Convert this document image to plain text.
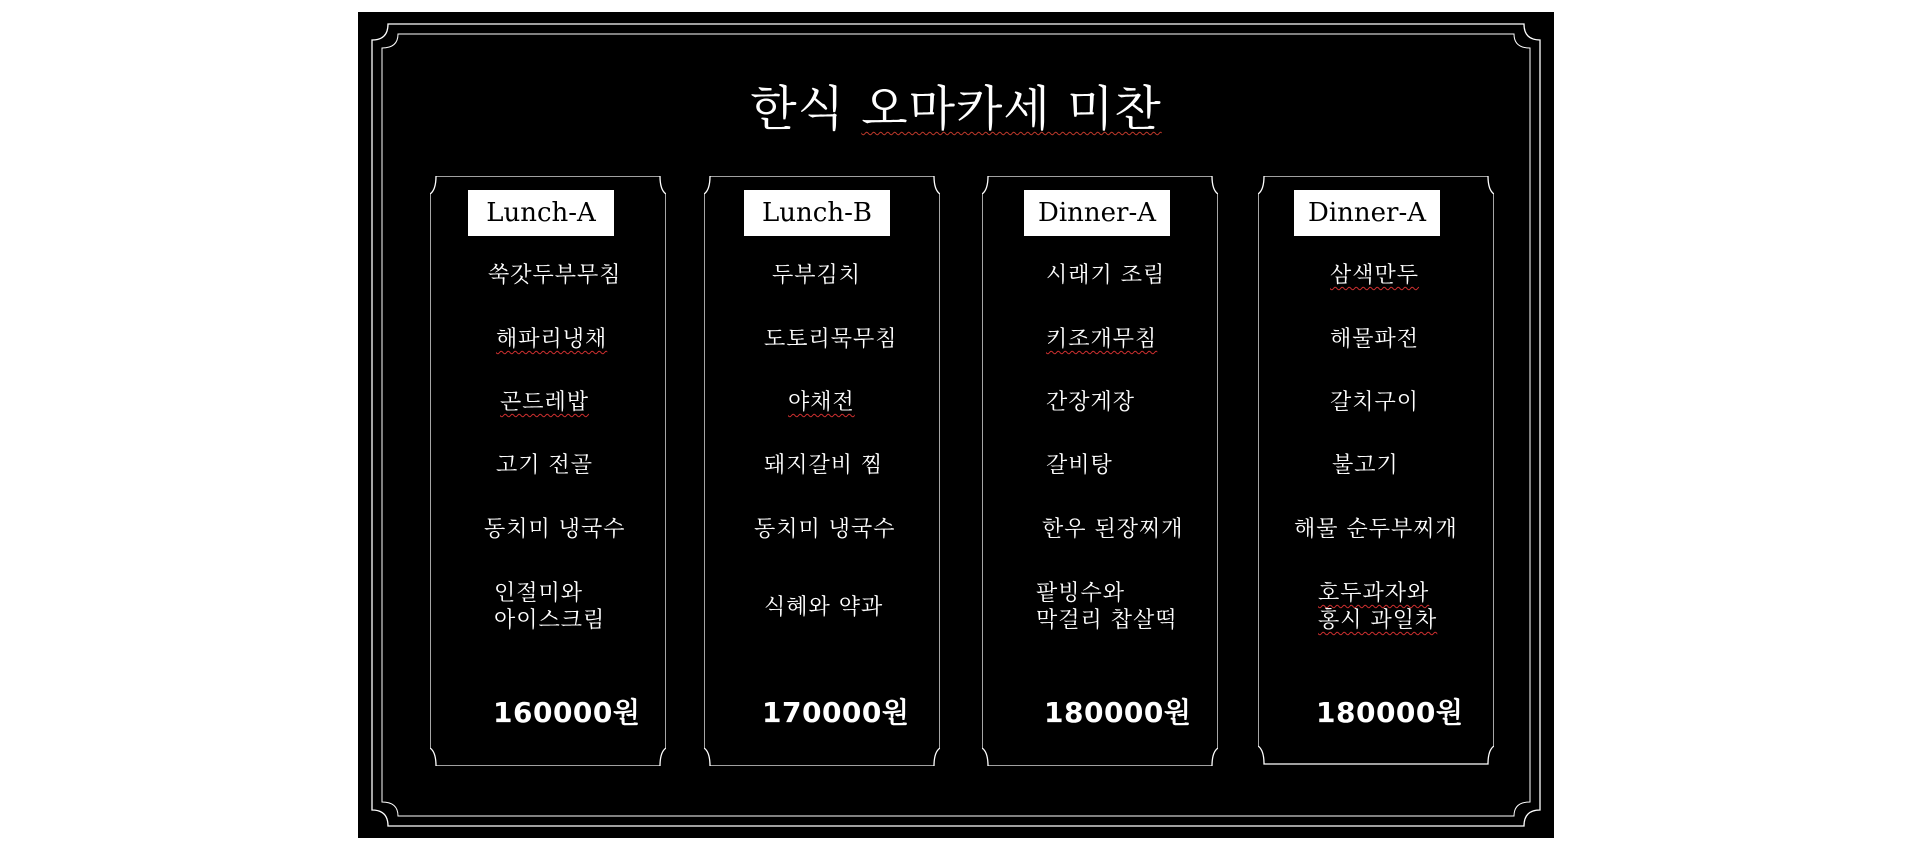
한식 오마카세 미찬
Lunch-A
쑥갓두부무침
해파리냉채
곤드레밥
고기 전골
동치미 냉국수
인절미와
아이스크림
160000원
Lunch-B
두부김치
도토리묵무침
야채전
돼지갈비 찜
동치미 냉국수
식혜와 약과
170000원
Dinner-A
시래기 조림
키조개무침
간장게장
갈비탕
한우 된장찌개
팥빙수와
막걸리 찹살떡
180000원
Dinner-A
삼색만두
해물파전
갈치구이
불고기
해물 순두부찌개
호두과자와
홍시 과일차
180000원
